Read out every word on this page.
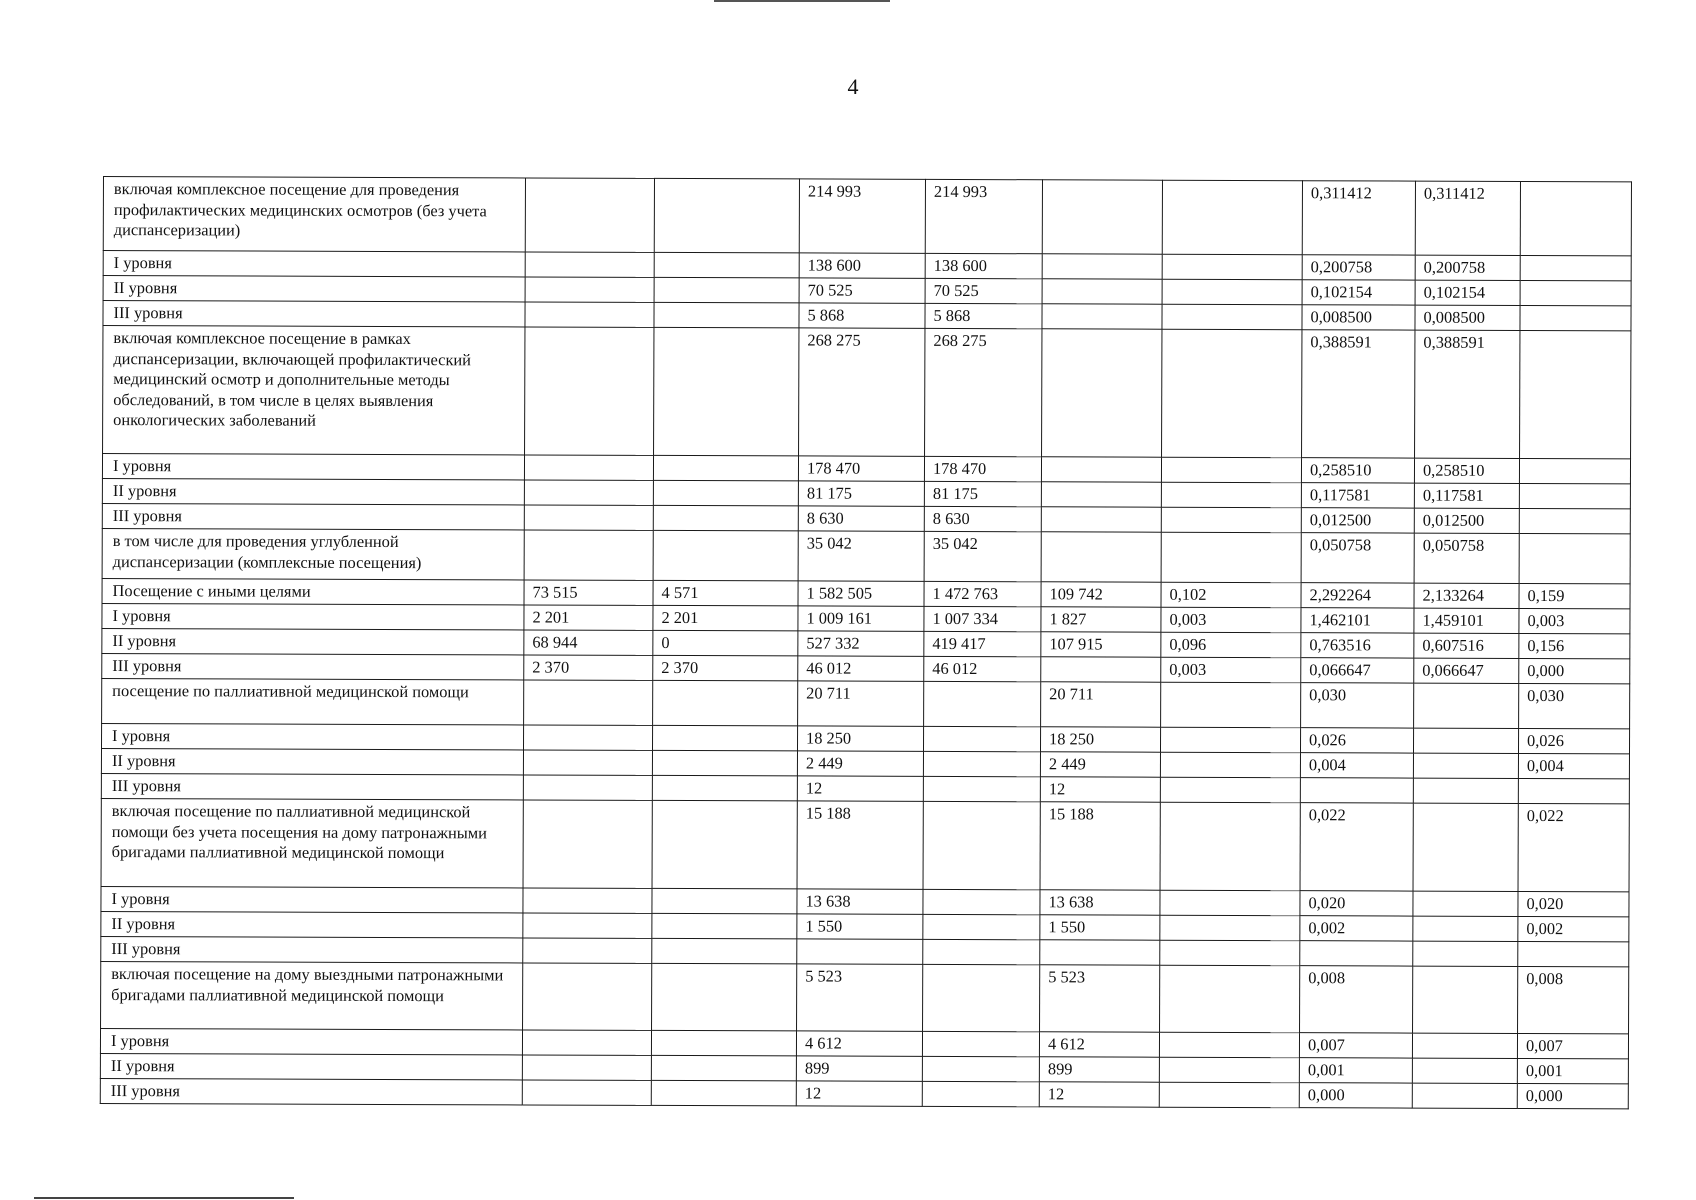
4
включая комплексное посещение для проведения профилактических медицинских осмотров (без учета диспансеризации)			214 993	214 993			0,311412	0,311412	
I уровня			138 600	138 600			0,200758	0,200758	
II уровня			70 525	70 525			0,102154	0,102154	
III уровня			5 868	5 868			0,008500	0,008500	
включая комплексное посещение в рамках диспансеризации, включающей профилактический медицинский осмотр и дополнительные методы обследований, в том числе в целях выявления онкологических заболеваний			268 275	268 275			0,388591	0,388591	
I уровня			178 470	178 470			0,258510	0,258510	
II уровня			81 175	81 175			0,117581	0,117581	
III уровня			8 630	8 630			0,012500	0,012500	
в том числе для проведения углубленной диспансеризации (комплексные посещения)			35 042	35 042			0,050758	0,050758	
Посещение с иными целями	73 515	4 571	1 582 505	1 472 763	109 742	0,102	2,292264	2,133264	0,159
I уровня	2 201	2 201	1 009 161	1 007 334	1 827	0,003	1,462101	1,459101	0,003
II уровня	68 944	0	527 332	419 417	107 915	0,096	0,763516	0,607516	0,156
III уровня	2 370	2 370	46 012	46 012		0,003	0,066647	0,066647	0,000
посещение по паллиативной медицинской помощи			20 711		20 711		0,030		0,030
I уровня			18 250		18 250		0,026		0,026
II уровня			2 449		2 449		0,004		0,004
III уровня			12		12				
включая посещение по паллиативной медицинской помощи без учета посещения на дому патронажными бригадами паллиативной медицинской помощи			15 188		15 188		0,022		0,022
I уровня			13 638		13 638		0,020		0,020
II уровня			1 550		1 550		0,002		0,002
III уровня									
включая посещение на дому выездными патронажными бригадами паллиативной медицинской помощи			5 523		5 523		0,008		0,008
I уровня			4 612		4 612		0,007		0,007
II уровня			899		899		0,001		0,001
III уровня			12		12		0,000		0,000
